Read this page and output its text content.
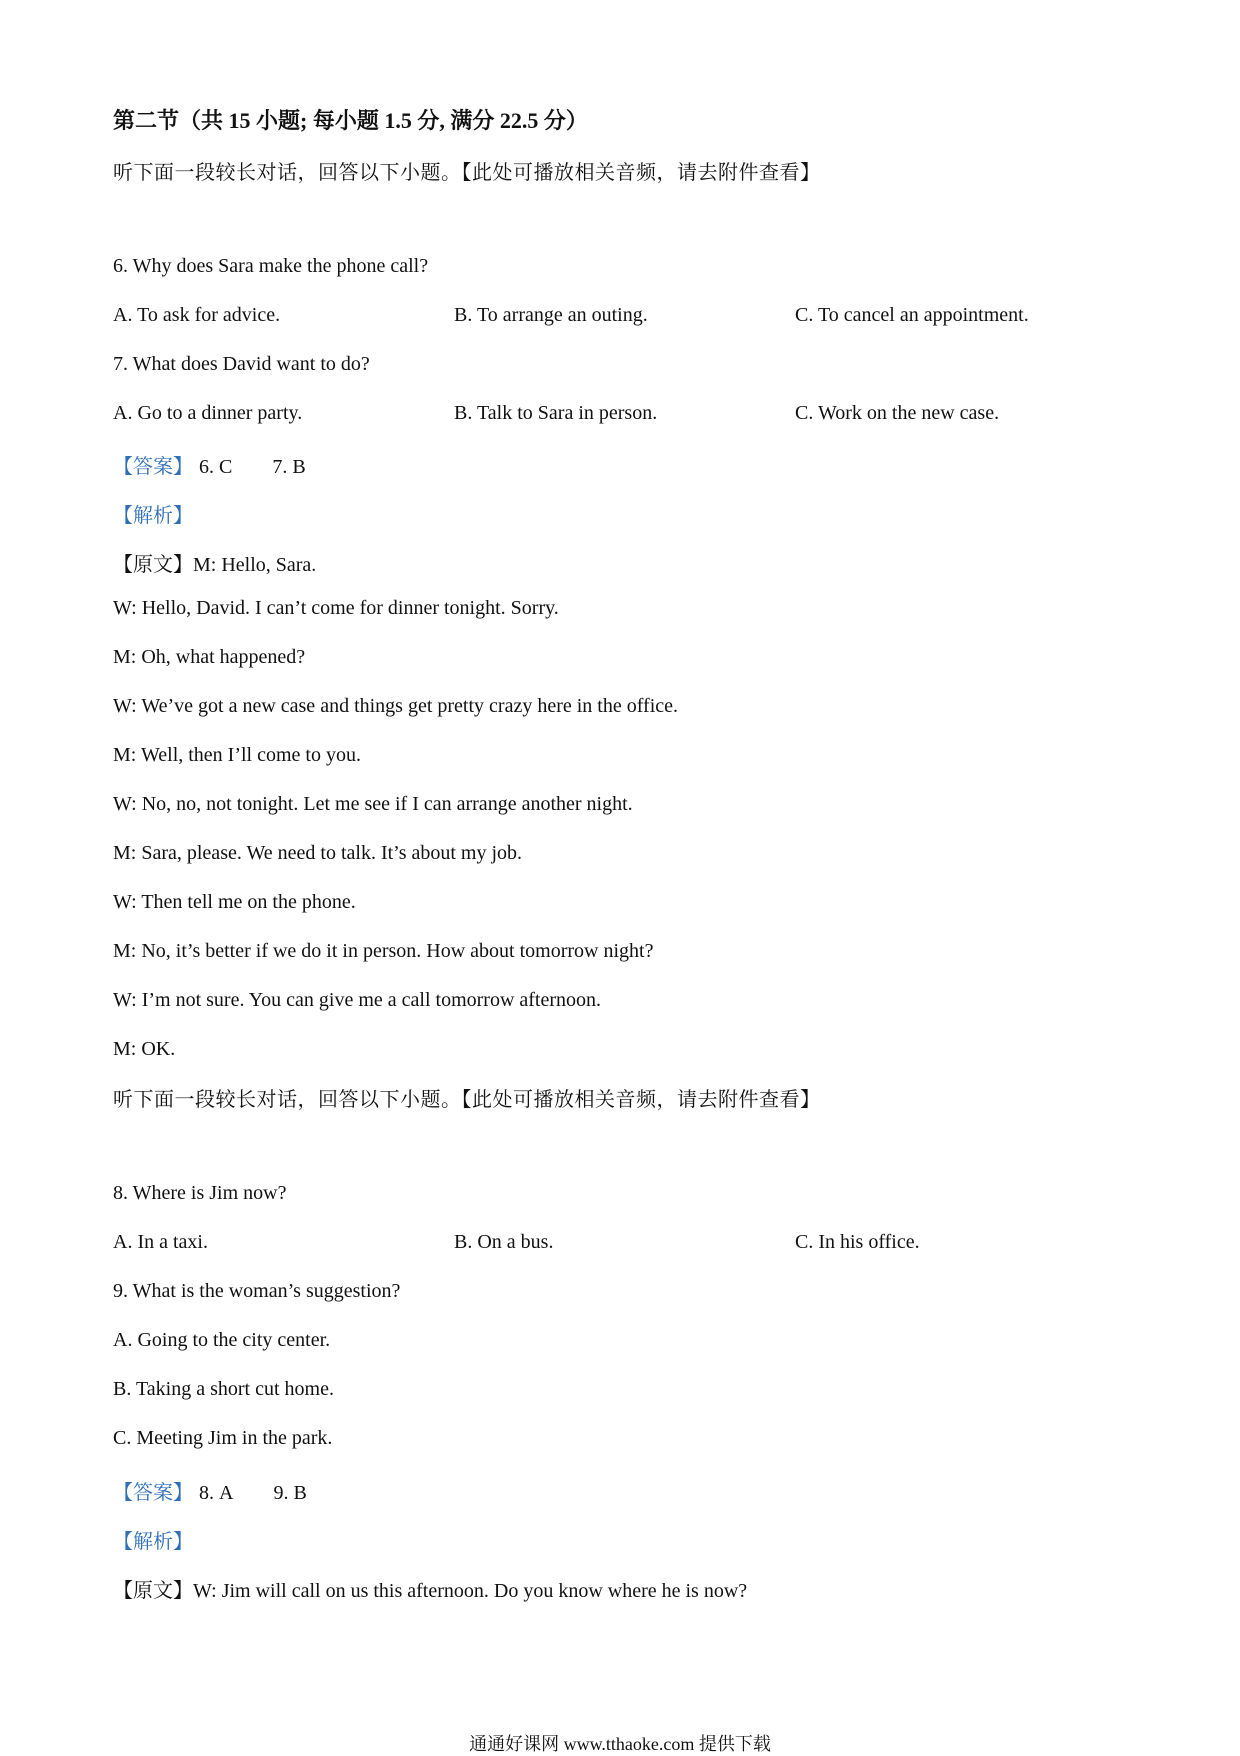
第二节（共 15 小题; 每小题 1.5 分, 满分 22.5 分）
听下面一段较长对话，回答以下小题。【此处可播放相关音频，请去附件查看】
6. Why does Sara make the phone call?
A. To ask for advice.	B. To arrange an outing.	C. To cancel an appointment.
7. What does David want to do?
A. Go to a dinner party.	B. Talk to Sara in person.	C. Work on the new case.
【答案】 6. C 7. B
【解析】
【原文】M: Hello, Sara.
W: Hello, David. I can’t come for dinner tonight. Sorry.
M: Oh, what happened?
W: We’ve got a new case and things get pretty crazy here in the office.
M: Well, then I’ll come to you.
W: No, no, not tonight. Let me see if I can arrange another night.
M: Sara, please. We need to talk. It’s about my job.
W: Then tell me on the phone.
M: No, it’s better if we do it in person. How about tomorrow night?
W: I’m not sure. You can give me a call tomorrow afternoon.
M: OK.
听下面一段较长对话，回答以下小题。【此处可播放相关音频，请去附件查看】
8. Where is Jim now?
A. In a taxi.	B. On a bus.	C. In his office.
9. What is the woman’s suggestion?
A. Going to the city center.
B. Taking a short cut home.
C. Meeting Jim in the park.
【答案】 8. A 9. B
【解析】
【原文】W: Jim will call on us this afternoon. Do you know where he is now?
通通好课网 www.tthaoke.com 提供下载
